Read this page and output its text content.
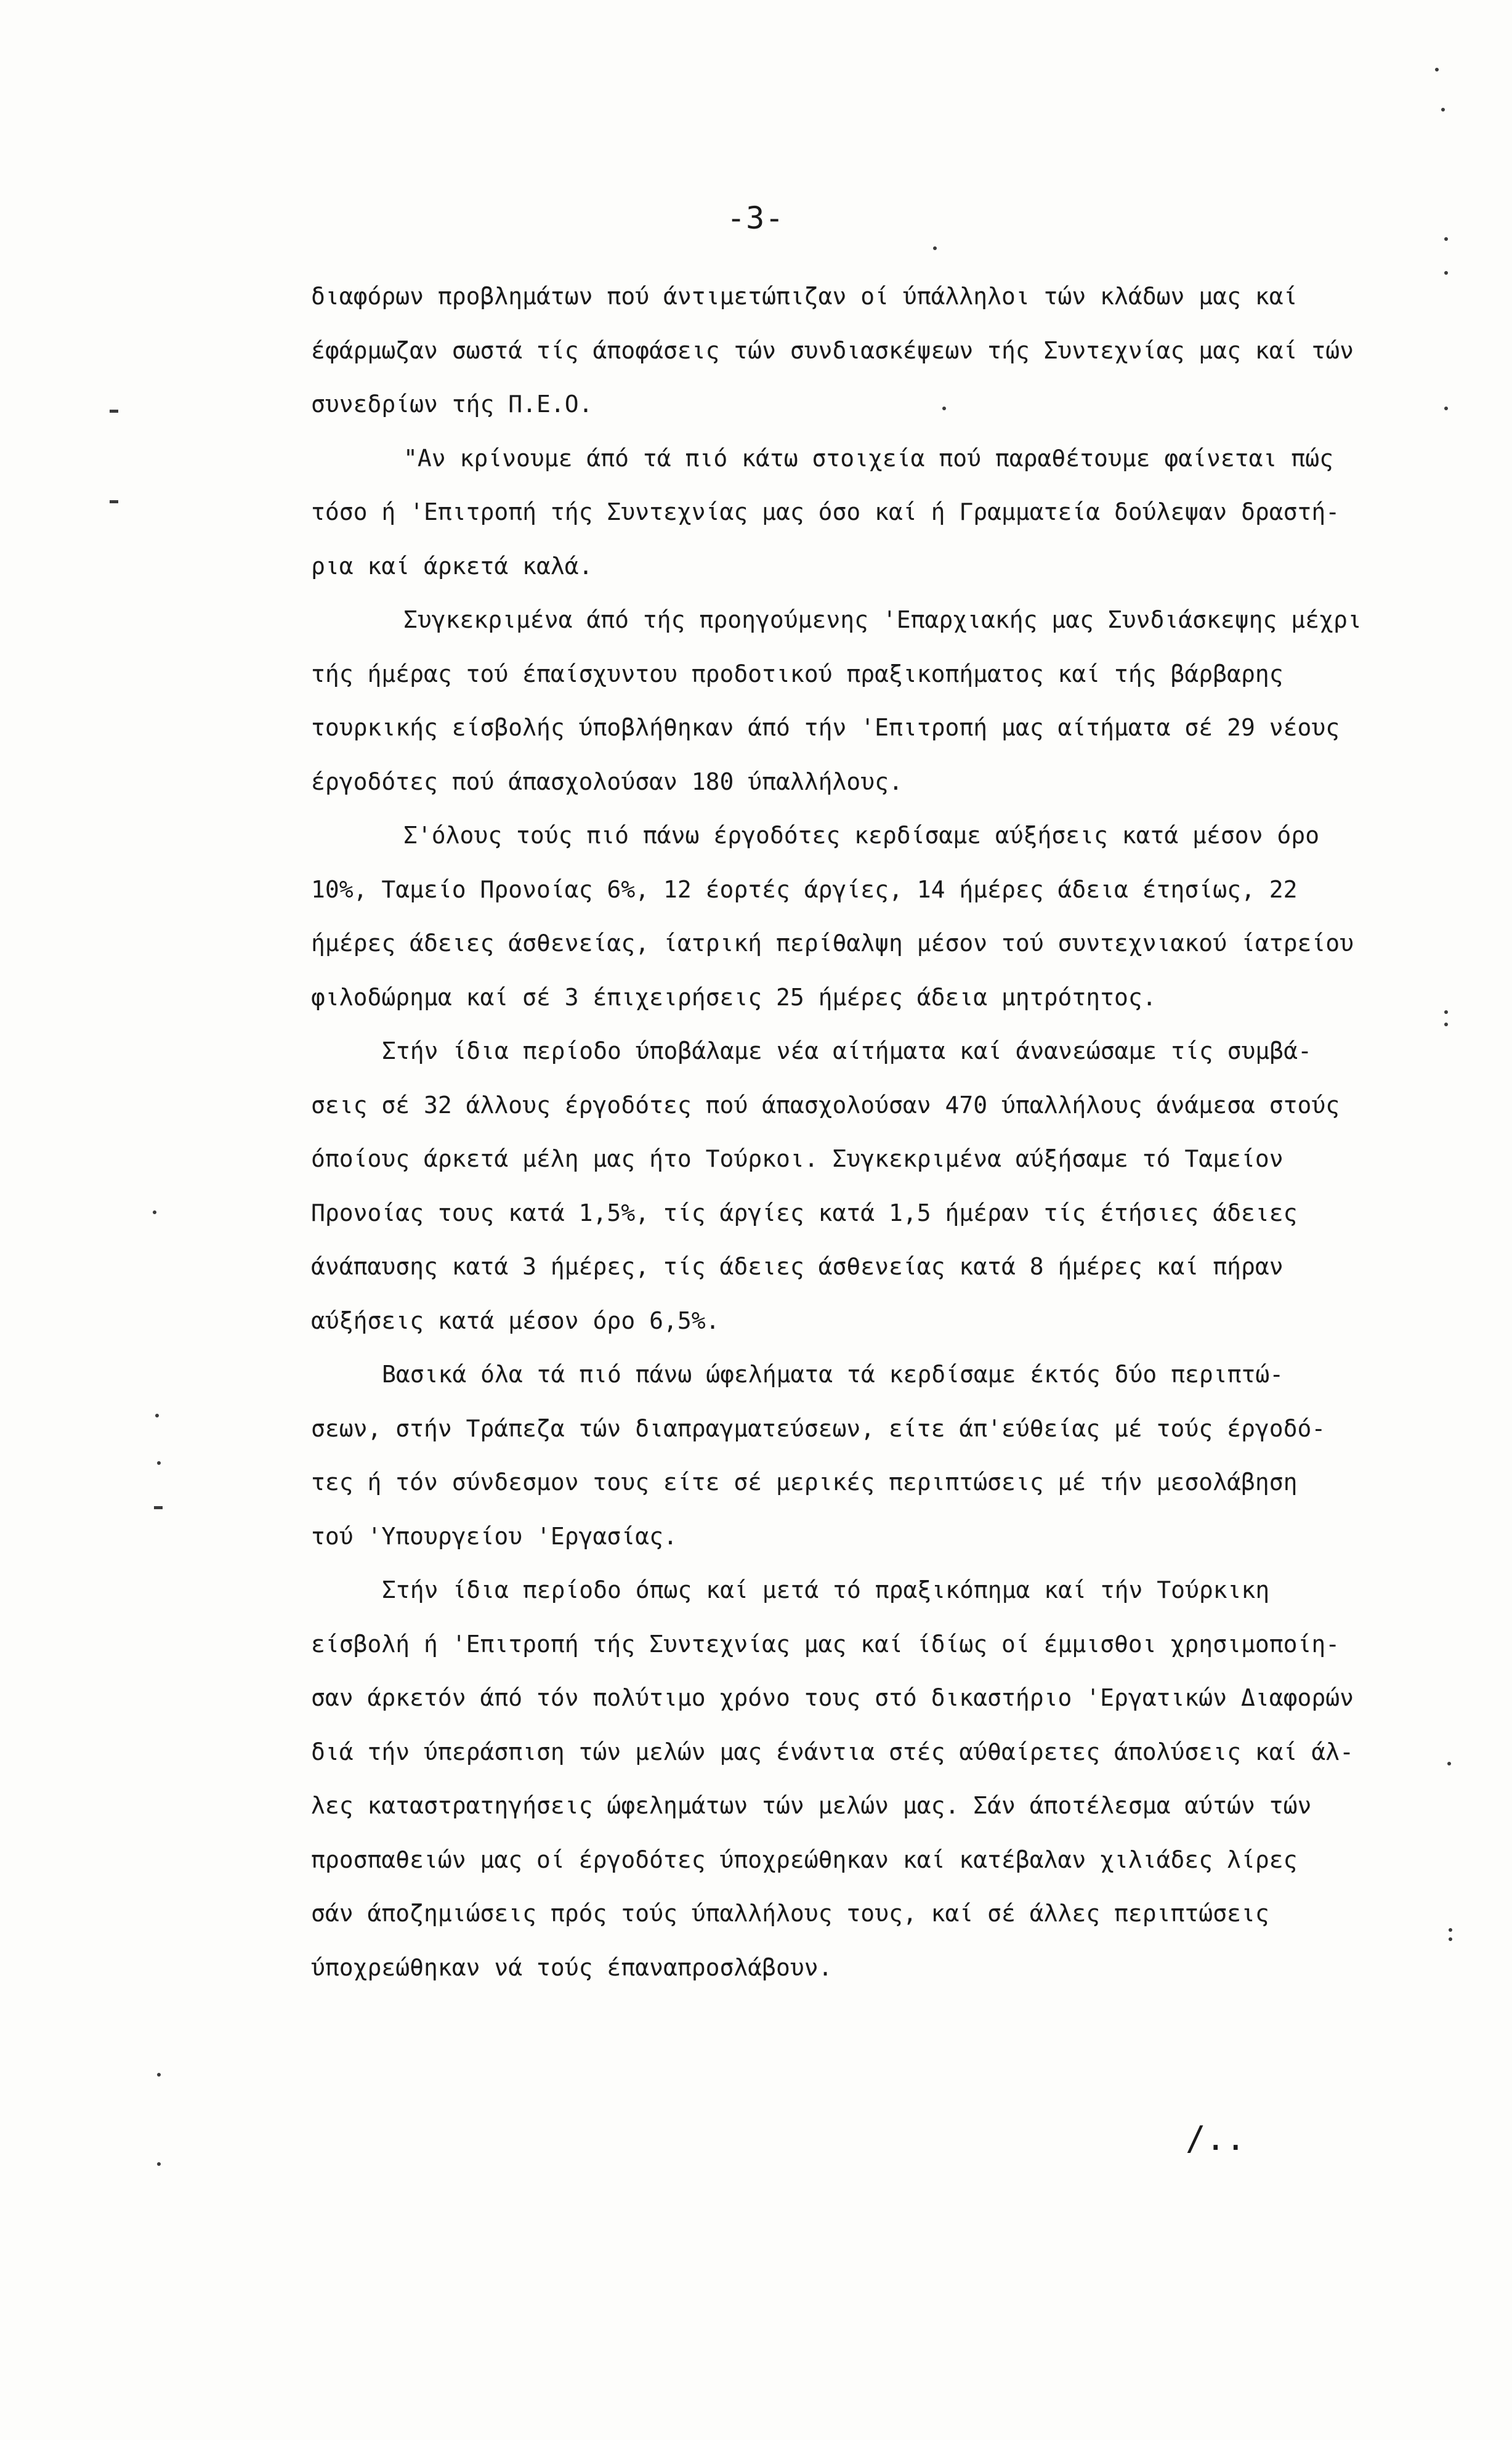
-3-
διαφόρων προβλημάτων πού άντιμετώπιζαν οί ύπάλληλοι τών κλάδων μας καί
έφάρμωζαν σωστά τίς άποφάσεις τών συνδιασκέψεων τής Συντεχνίας μας καί τών
συνεδρίων τής Π.Ε.Ο.
"Αν κρίνουμε άπό τά πιό κάτω στοιχεία πού παραθέτουμε φαίνεται πώς
τόσο ή 'Επιτροπή τής Συντεχνίας μας όσο καί ή Γραμματεία δούλεψαν δραστή-
ρια καί άρκετά καλά.
Συγκεκριμένα άπό τής προηγούμενης 'Επαρχιακής μας Συνδιάσκεψης μέχρι
τής ήμέρας τού έπαίσχυντου προδοτικού πραξικοπήματος καί τής βάρβαρης
τουρκικής είσβολής ύποβλήθηκαν άπό τήν 'Επιτροπή μας αίτήματα σέ 29 νέους
έργοδότες πού άπασχολούσαν 180 ύπαλλήλους.
Σ'όλους τούς πιό πάνω έργοδότες κερδίσαμε αύξήσεις κατά μέσον όρο
10%, Ταμείο Προνοίας 6%, 12 έορτές άργίες, 14 ήμέρες άδεια έτησίως, 22
ήμέρες άδειες άσθενείας, ίατρική περίθαλψη μέσον τού συντεχνιακού ίατρείου
φιλοδώρημα καί σέ 3 έπιχειρήσεις 25 ήμέρες άδεια μητρότητος.
Στήν ίδια περίοδο ύποβάλαμε νέα αίτήματα καί άνανεώσαμε τίς συμβά-
σεις σέ 32 άλλους έργοδότες πού άπασχολούσαν 470 ύπαλλήλους άνάμεσα στούς
όποίους άρκετά μέλη μας ήτο Τούρκοι. Συγκεκριμένα αύξήσαμε τό Ταμείον
Προνοίας τους κατά 1,5%, τίς άργίες κατά 1,5 ήμέραν τίς έτήσιες άδειες
άνάπαυσης κατά 3 ήμέρες, τίς άδειες άσθενείας κατά 8 ήμέρες καί πήραν
αύξήσεις κατά μέσον όρο 6,5%.
Βασικά όλα τά πιό πάνω ώφελήματα τά κερδίσαμε έκτός δύο περιπτώ-
σεων, στήν Τράπεζα τών διαπραγματεύσεων, είτε άπ'εύθείας μέ τούς έργοδό-
τες ή τόν σύνδεσμον τους είτε σέ μερικές περιπτώσεις μέ τήν μεσολάβηση
τού 'Υπουργείου 'Εργασίας.
Στήν ίδια περίοδο όπως καί μετά τό πραξικόπημα καί τήν Τούρκικη
είσβολή ή 'Επιτροπή τής Συντεχνίας μας καί ίδίως οί έμμισθοι χρησιμοποίη-
σαν άρκετόν άπό τόν πολύτιμο χρόνο τους στό δικαστήριο 'Εργατικών Διαφορών
διά τήν ύπεράσπιση τών μελών μας ένάντια στές αύθαίρετες άπολύσεις καί άλ-
λες καταστρατηγήσεις ώφελημάτων τών μελών μας. Σάν άποτέλεσμα αύτών τών
προσπαθειών μας οί έργοδότες ύποχρεώθηκαν καί κατέβαλαν χιλιάδες λίρες
σάν άποζημιώσεις πρός τούς ύπαλλήλους τους, καί σέ άλλες περιπτώσεις
ύποχρεώθηκαν νά τούς έπαναπροσλάβουν.
/..
